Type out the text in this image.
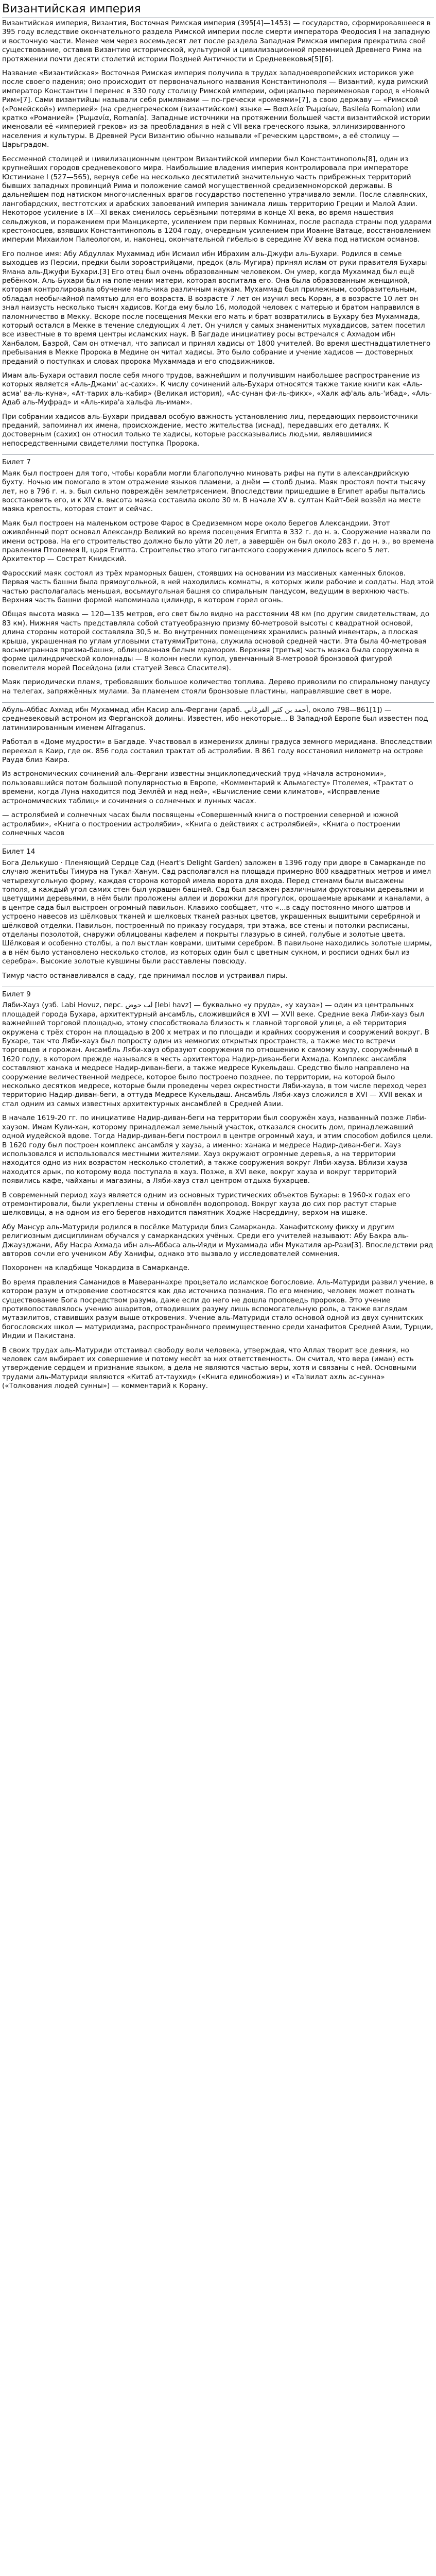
Византийская империя

Византийская империя, Византия, Восточная Римская империя (395[4]—1453) — государство, сформировавшееся в 395 году вследствие окончательного раздела Римской империи после смерти императора Феодосия I на западную и восточную части. Менее чем через восемьдесят лет после раздела Западная Римская империя прекратила своё существование, оставив Византию исторической, культурной и цивилизационной преемницей Древнего Рима на протяжении почти десяти столетий истории Поздней Античности и Средневековья[5][6].

Название «Византийская» Восточная Римская империя получила в трудах западноевропейских историков уже после своего падения; оно происходит от первоначального названия Константинополя — Византий, куда римский император Константин I перенес в 330 году столицу Римской империи, официально переименовав город в «Новый Рим»[7]. Сами византийцы называли себя римлянами — по-гречески «ромеями»[7], а свою державу — «Римской («Ромейской») империей» (на среднегреческом (византийском) языке — Βασιλεία Ῥωμαίων, Basileía Romaíon) или кратко «Романией» (Ῥωμανία, Romanía). Западные источники на протяжении большей части византийской истории именовали её «империей греков» из-за преобладания в ней с VII века греческого языка, эллинизированного населения и культуры. В Древней Руси Византию обычно называли «Греческим царством», а её столицу — Царьградом.

Бессменной столицей и цивилизационным центром Византийской империи был Константинополь[8], один из крупнейших городов средневекового мира. Наибольшие владения империя контролировала при императоре Юстиниане I (527—565), вернув себе на несколько десятилетий значительную часть прибрежных территорий бывших западных провинций Рима и положение самой могущественной средиземноморской державы. В дальнейшем под натиском многочисленных врагов государство постепенно утрачивало земли. После славянских, лангобардских, вестготских и арабских завоеваний империя занимала лишь территорию Греции и Малой Азии. Некоторое усиление в IX—XI веках сменилось серьёзными потерями в конце XI века, во время нашествия сельджуков, и поражением при Манцикерте, усилением при первых Комнинах, после распада страны под ударами крестоносцев, взявших Константинополь в 1204 году, очередным усилением при Иоанне Ватаце, восстановлением империи Михаилом Палеологом, и, наконец, окончательной гибелью в середине XV века под натиском османов.

Его полное имя: Абу Абдуллах Мухаммад ибн Исмаил ибн Ибрахим аль-Джуфи аль-Бухари. Родился в семье выходцев из Персии, предки были зороастрийцами, предок (аль-Мугира) принял ислам от руки правителя Бухары Ямана аль-Джуфи Бухари.[3] Его отец был очень образованным человеком. Он умер, когда Мухаммад был ещё ребёнком. Аль-Бухари был на попечении матери, которая воспитала его. Она была образованным женщиной, которая контролировала обучение мальчика различным наукам. Мухаммад был прилежным, сообразительным, обладал необычайной памятью для его возраста. В возрасте 7 лет он изучил весь Коран, а в возрасте 10 лет он знал наизусть несколько тысяч хадисов. Когда ему было 16, молодой человек с матерью и братом направился в паломничество в Мекку. Вскоре после посещения Мекки его мать и брат возвратились в Бухару без Мухаммада, который остался в Мекке в течение следующих 4 лет. Он учился у самых знаменитых мухаддисов, затем посетил все известные в то время центры исламских наук. В Багдаде инициативу росы встречался с Ахмадом ибн Ханбалом, Базрой, Сам он отмечал, что записал и принял хадисы от 1800 учителей. Во время шестнадцатилетнего пребывания в Мекке Пророка в Медине он читал хадисы. Это было собрание и учение хадисов — достоверных преданий о поступках и словах пророка Мухаммада и его сподвижников.

Имам аль-Бухари оставил после себя много трудов, важнейшим и получившим наибольшее распространение из которых является «Аль-Джами' ас-сахих». К числу сочинений аль-Бухари относятся также такие книги как «Аль-асма' ва-ль-куна», «Ат-тарих аль-кабир» (Великая история), «Ас-сунан фи-ль-фикх», «Халк аф'аль аль-'ибад», «Аль-Адаб аль-Муфрад» и «Аль-кира'а хальфа ль-имам».

При собрании хадисов аль-Бухари придавал особую важность установлению лиц, передающих первоисточники преданий, запоминал их имена, происхождение, место жительства (иснад), передавших его деталях. К достоверным (сахих) он относил только те хадисы, которые рассказывались людьми, являвшимися непосредственными свидетелями поступка Пророка.

Билет 7

Маяк был построен для того, чтобы корабли могли благополучно миновать рифы на пути в александрийскую бухту. Ночью им помогало в этом отражение языков пламени, а днём — столб дыма. Маяк простоял почти тысячу лет, но в 796 г. н. э. был сильно повреждён землетрясением. Впоследствии пришедшие в Египет арабы пытались восстановить его, и к XIV в. высота маяка составила около 30 м. В начале XV в. султан Кайт-бей возвёл на месте маяка крепость, которая стоит и сейчас.

Маяк был построен на маленьком острове Фарос в Средиземном море около берегов Александрии. Этот оживлённый порт основал Александр Великий во время посещения Египта в 332 г. до н. э. Сооружение назвали по имени острова. На его строительство должно было уйти 20 лет, а завершён он был около 283 г. до н. э., во времена правления Птолемея II, царя Египта. Строительство этого гигантского сооружения длилось всего 5 лет. Архитектор — Сострат Книдский.

Фаросский маяк состоял из трёх мраморных башен, стоявших на основании из массивных каменных блоков. Первая часть башни была прямоугольной, в ней находились комнаты, в которых жили рабочие и солдаты. Над этой частью располагалась меньшая, восьмиугольная башня со спиральным пандусом, ведущим в верхнюю часть. Верхняя часть башни формой напоминала цилиндр, в котором горел огонь.

Общая высота маяка — 120—135 метров, его свет было видно на расстоянии 48 км (по другим свидетельствам, до 83 км). Нижняя часть представляла собой статуеобразную призму 60-метровой высоты с квадратной основой, длина стороны которой составляла 30,5 м. Во внутренних помещениях хранились разный инвентарь, а плоская крыша, украшенная по углам угловыми статуямиТритона, служила основой средней части. Эта была 40-метровая восьмигранная призма-башня, облицованная белым мрамором. Верхняя (третья) часть маяка была сооружена в форме цилиндрической колоннады — 8 колонн несли купол, увенчанный 8-метровой бронзовой фигурой повелителя морей Посейдона (или статуей Зевса Спасителя).

Маяк периодически пламя, требовавших большое количество топлива. Дерево привозили по спиральному пандусу на телегах, запряжённых мулами. За пламенем стояли бронзовые пластины, направлявшие свет в море.

Абуль-Аббас Ахмад ибн Мухаммад ибн Касир аль-Фергани (араб. أحمد بن كثير الفرغاني, около 798—861[1]) — средневековый астроном из Ферганской долины. Известен, ибо некоторые... В Западной Европе был известен под латинизированным именем Alfraganus.

Работал в «Доме мудрости» в Багдаде. Участвовал в измерениях длины градуса земного меридиана. Впоследствии переехал в Каир, где ок. 856 года составил трактат об астролябии. В 861 году восстановил нилометр на острове Рауда близ Каира.

Из астрономических сочинений аль-Фергани известны энциклопедический труд «Начала астрономии», пользовавшийся потом большой популярностью в Европе, «Комментарий к Альмагесту» Птолемея, «Трактат о времени, когда Луна находится под Землёй и над ней», «Вычисление семи климатов», «Исправление астрономических таблиц» и сочинения о солнечных и лунных часах.

— астролябией и солнечных часах были посвящены «Совершенный книга о построении северной и южной астролябии», «Книга о построении астролябии», «Книга о действиях с астролябией», «Книга о построении солнечных часов

Билет 14

Бога Делькушо · Пленяющий Сердце Сад (Heart's Delight Garden) заложен в 1396 году при дворе в Самарканде по случаю женитьбы Тимура на Тукал-Ханум. Сад располагался на площади примерно 800 квадратных метров и имел четырехугольную форму, каждая сторона которой имела ворота для входа. Перед стенами были высажены тополя, а каждый угол самих стен был украшен башней. Сад был засажен различными фруктовыми деревьями и цветущими деревьями, в нём были проложены аллеи и дорожки для прогулок, орошаемые арыками и каналами, а в центре сада был выстроен огромный павильон. Клавихо сообщает, что «...в саду постоянно много шатров и устроено навесов из шёлковых тканей и шелковых тканей разных цветов, украшенных вышитыми серебряной и шёлковой отделки. Павильон, построенный по приказу государя, три этажа, все стены и потолки расписаны, отделаны позолотой, снаружи облицованы кафелем и покрыты глазурью в синей, голубые и золотые цвета. Шёлковая и особенно столбы, а пол выстлан коврами, шитыми серебром. В павильоне находились золотые ширмы, а в нём было установлено несколько столов, из которых один был с цветным сукном, и росписи одних был из серебра». Высокие золотые кувшины были расставлены повсюду.

Тимур часто останавливался в саду, где принимал послов и устраивал пиры.

Билет 9

Ляби-Хауз (узб. Labi Hovuz, перс. لب حوض [lebi havz] — буквально «у пруда», «у хауза») — один из центральных площадей города Бухара, архитектурный ансамбль, сложившийся в XVI — XVII веке. Средние века Ляби-хауз был важнейшей торговой площадью, этому способствовала близость к главной торговой улице, а её территория окружена с трёх сторон на площадью в 200 х метрах и по площади и крайних сооружения и сооружений вокруг. В Бухаре, так что Ляби-хауз был попросту один из немногих открытых пространств, а также место встречи торговцев и горожан. Ансамбль Ляби-хауз образуют сооружения по отношению к самому хаузу, сооружённый в 1620 году, в котором прежде назывался в честь архитектора Надир-диван-беги Ахмада. Комплекс ансамбля составляют ханака и медресе Надир-диван-беги, а также медресе Кукельдаш. Средство было направлено на сооружение величественной медресе, которое было построено позднее, по территории, на которой было несколько десятков медресе, которые были проведены через окрестности Ляби-хауза, в том числе переход через территорию Надир-диван-беги, а оттуда Медресе Кукельдаш. Ансамбль Ляби-хауз сложился в XVI — XVII веках и стал одним из самых известных архитектурных ансамблей в Средней Азии.

В начале 1619-20 гг. по инициативе Надир-диван-беги на территории был сооружён хауз, названный позже Ляби-хаузом. Имам Кули-хан, которому принадлежал земельный участок, отказался сносить дом, принадлежавший одной иудейской вдове. Тогда Надир-диван-беги построил в центре огромный хауз, и этим способом добился цели. В 1620 году был построен комплекс ансамбля у хауза, а именно: ханака и медресе Надир-диван-беги. Хауз использовался и использовался местными жителями. Хауз окружают огромные деревья, а на территории находится одно из них возрастом несколько столетий, а также сооружения вокруг Ляби-хауза. Вблизи хауза находится арык, по которому вода поступала в хауз. Позже, в XVI веке, вокруг хауза и вокруг территорий появились кафе, чайханы и магазины, а Ляби-хауз стал центром отдыха бухарцев.

В современный период хауз является одним из основных туристических объектов Бухары: в 1960-х годах его отремонтировали, были укреплены стены и обновлён водопровод. Вокруг хауза до сих пор растут старые шелковицы, а на одном из его берегов находится памятник Ходже Насреддину, верхом на ишаке.

Абу Мансур аль-Матуриди родился в посёлке Матуриди близ Самарканда. Ханафитскому фикху и другим религиозным дисциплинам обучался у самаркандских учёных. Среди его учителей называют: Абу Бакра аль-Джаузджани, Абу Насра Ахмада ибн аль-Аббаса аль-Ияди и Мухаммада ибн Мукатиля ар-Рази[3]. Впоследствии ряд авторов сочли его учеником Абу Ханифы, однако это вызвало у исследователей сомнения.

Похоронен на кладбище Чокардиза в Самарканде.

Во время правления Саманидов в Мавераннахре процветало исламское богословие. Аль-Матуриди развил учение, в котором разум и откровение соотносятся как два источника познания. По его мнению, человек может познать существование Бога посредством разума, даже если до него не дошла проповедь пророков. Это учение противопоставлялось учению ашаритов, отводивших разуму лишь вспомогательную роль, а также взглядам мутазилитов, ставивших разум выше откровения. Учение аль-Матуриди стало основой одной из двух суннитских богословских школ — матуридизма, распространённого преимущественно среди ханафитов Средней Азии, Турции, Индии и Пакистана.

В своих трудах аль-Матуриди отстаивал свободу воли человека, утверждая, что Аллах творит все деяния, но человек сам выбирает их совершение и потому несёт за них ответственность. Он считал, что вера (иман) есть утверждение сердцем и признание языком, а дела не являются частью веры, хотя и связаны с ней. Основными трудами аль-Матуриди являются «Китаб ат-таухид» («Книга единобожия») и «Та'вилат ахль ас-сунна» («Толкования людей сунны») — комментарий к Корану.
